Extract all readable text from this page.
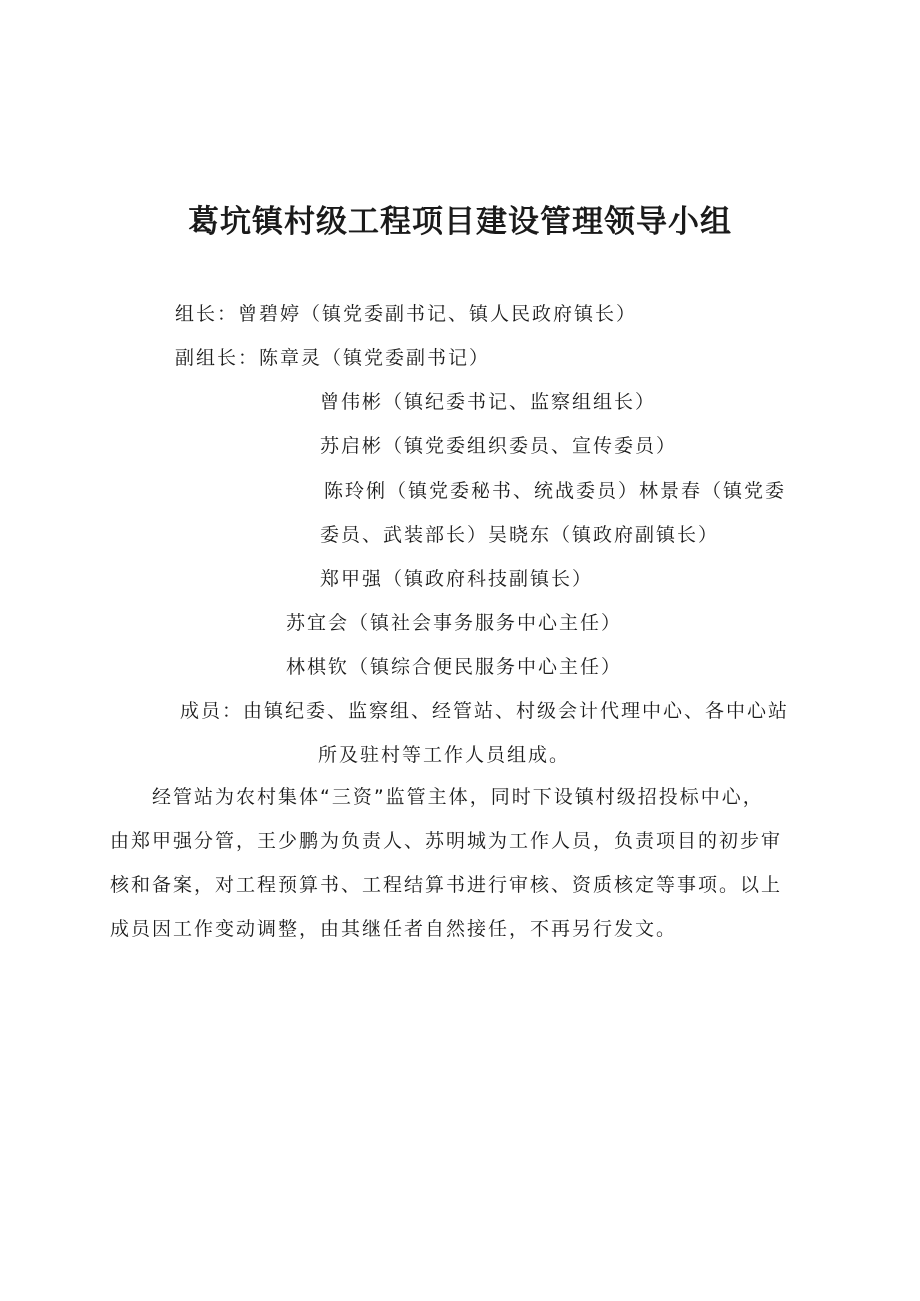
葛坑镇村级工程项目建设管理领导小组
组长：曾碧婷（镇党委副书记、镇人民政府镇长）
副组长：陈章灵（镇党委副书记）
曾伟彬（镇纪委书记、监察组组长）
苏启彬（镇党委组织委员、宣传委员）
陈玲俐（镇党委秘书、统战委员）林景春（镇党委
委员、武装部长）吴晓东（镇政府副镇长）
郑甲强（镇政府科技副镇长）
苏宜会（镇社会事务服务中心主任）
林棋钦（镇综合便民服务中心主任）
成员：由镇纪委、监察组、经管站、村级会计代理中心、各中心站
所及驻村等工作人员组成。
　　经管站为农村集体“三资”监管主体，同时下设镇村级招投标中心，
由郑甲强分管，王少鹏为负责人、苏明城为工作人员，负责项目的初步审
核和备案，对工程预算书、工程结算书进行审核、资质核定等事项。以上
成员因工作变动调整，由其继任者自然接任，不再另行发文。
